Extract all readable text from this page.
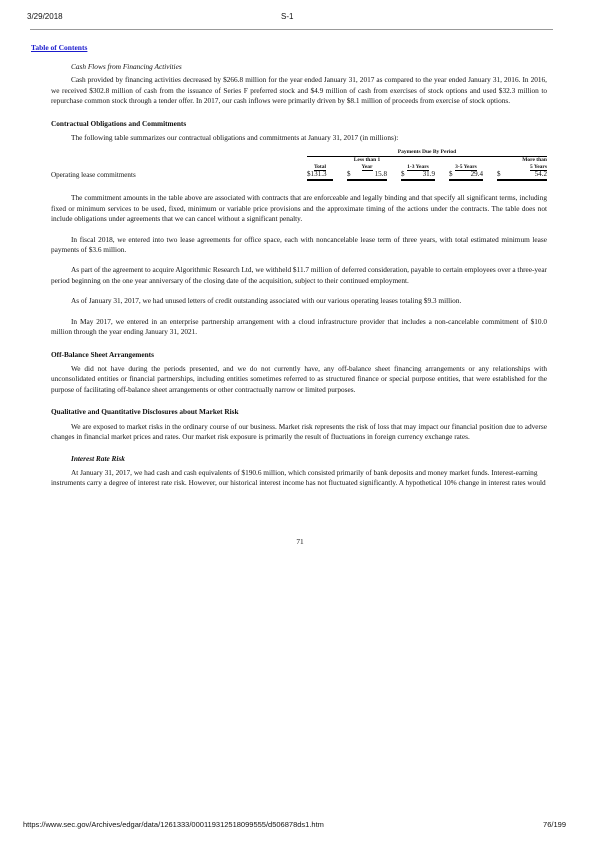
3/29/2018	S-1
Table of Contents
Cash Flows from Financing Activities

Cash provided by financing activities decreased by $266.8 million for the year ended January 31, 2017 as compared to the year ended January 31, 2016. In 2016, we received $302.8 million of cash from the issuance of Series F preferred stock and $4.9 million of cash from exercises of stock options and used $32.3 million to repurchase common stock through a tender offer. In 2017, our cash inflows were primarily driven by $8.1 million of proceeds from exercise of stock options.

Contractual Obligations and Commitments

The following table summarizes our contractual obligations and commitments at January 31, 2017 (in millions):

		Payments Due By Period								
				Less than 1						More than
		Total		Year		1-3 Years		3-5 Years		5 Years
Operating lease commitments		$131.3		$ 15.8		$ 31.9		$ 29.4		$ 54.2

The commitment amounts in the table above are associated with contracts that are enforceable and legally binding and that specify all significant terms, including fixed or minimum services to be used, fixed, minimum or variable price provisions and the approximate timing of the actions under the contracts. The table does not include obligations under agreements that we can cancel without a significant penalty.

In fiscal 2018, we entered into two lease agreements for office space, each with noncancelable lease term of three years, with total estimated minimum lease payments of $3.6 million.

As part of the agreement to acquire Algorithmic Research Ltd, we withheld $11.7 million of deferred consideration, payable to certain employees over a three-year period beginning on the one year anniversary of the closing date of the acquisition, subject to their continued employment.

As of January 31, 2017, we had unused letters of credit outstanding associated with our various operating leases totaling $9.3 million.

In May 2017, we entered in an enterprise partnership arrangement with a cloud infrastructure provider that includes a non-cancelable commitment of $10.0 million through the year ending January 31, 2021.

Off-Balance Sheet Arrangements

We did not have during the periods presented, and we do not currently have, any off-balance sheet financing arrangements or any relationships with unconsolidated entities or financial partnerships, including entities sometimes referred to as structured finance or special purpose entities, that were established for the purpose of facilitating off-balance sheet arrangements or other contractually narrow or limited purposes.

Qualitative and Quantitative Disclosures about Market Risk

We are exposed to market risks in the ordinary course of our business. Market risk represents the risk of loss that may impact our financial position due to adverse changes in financial market prices and rates. Our market risk exposure is primarily the result of fluctuations in foreign currency exchange rates.

Interest Rate Risk

At January 31, 2017, we had cash and cash equivalents of $190.6 million, which consisted primarily of bank deposits and money market funds. Interest-earning instruments carry a degree of interest rate risk. However, our historical interest income has not fluctuated significantly. A hypothetical 10% change in interest rates would

71
https://www.sec.gov/Archives/edgar/data/1261333/000119312518099555/d506878ds1.htm	76/199
